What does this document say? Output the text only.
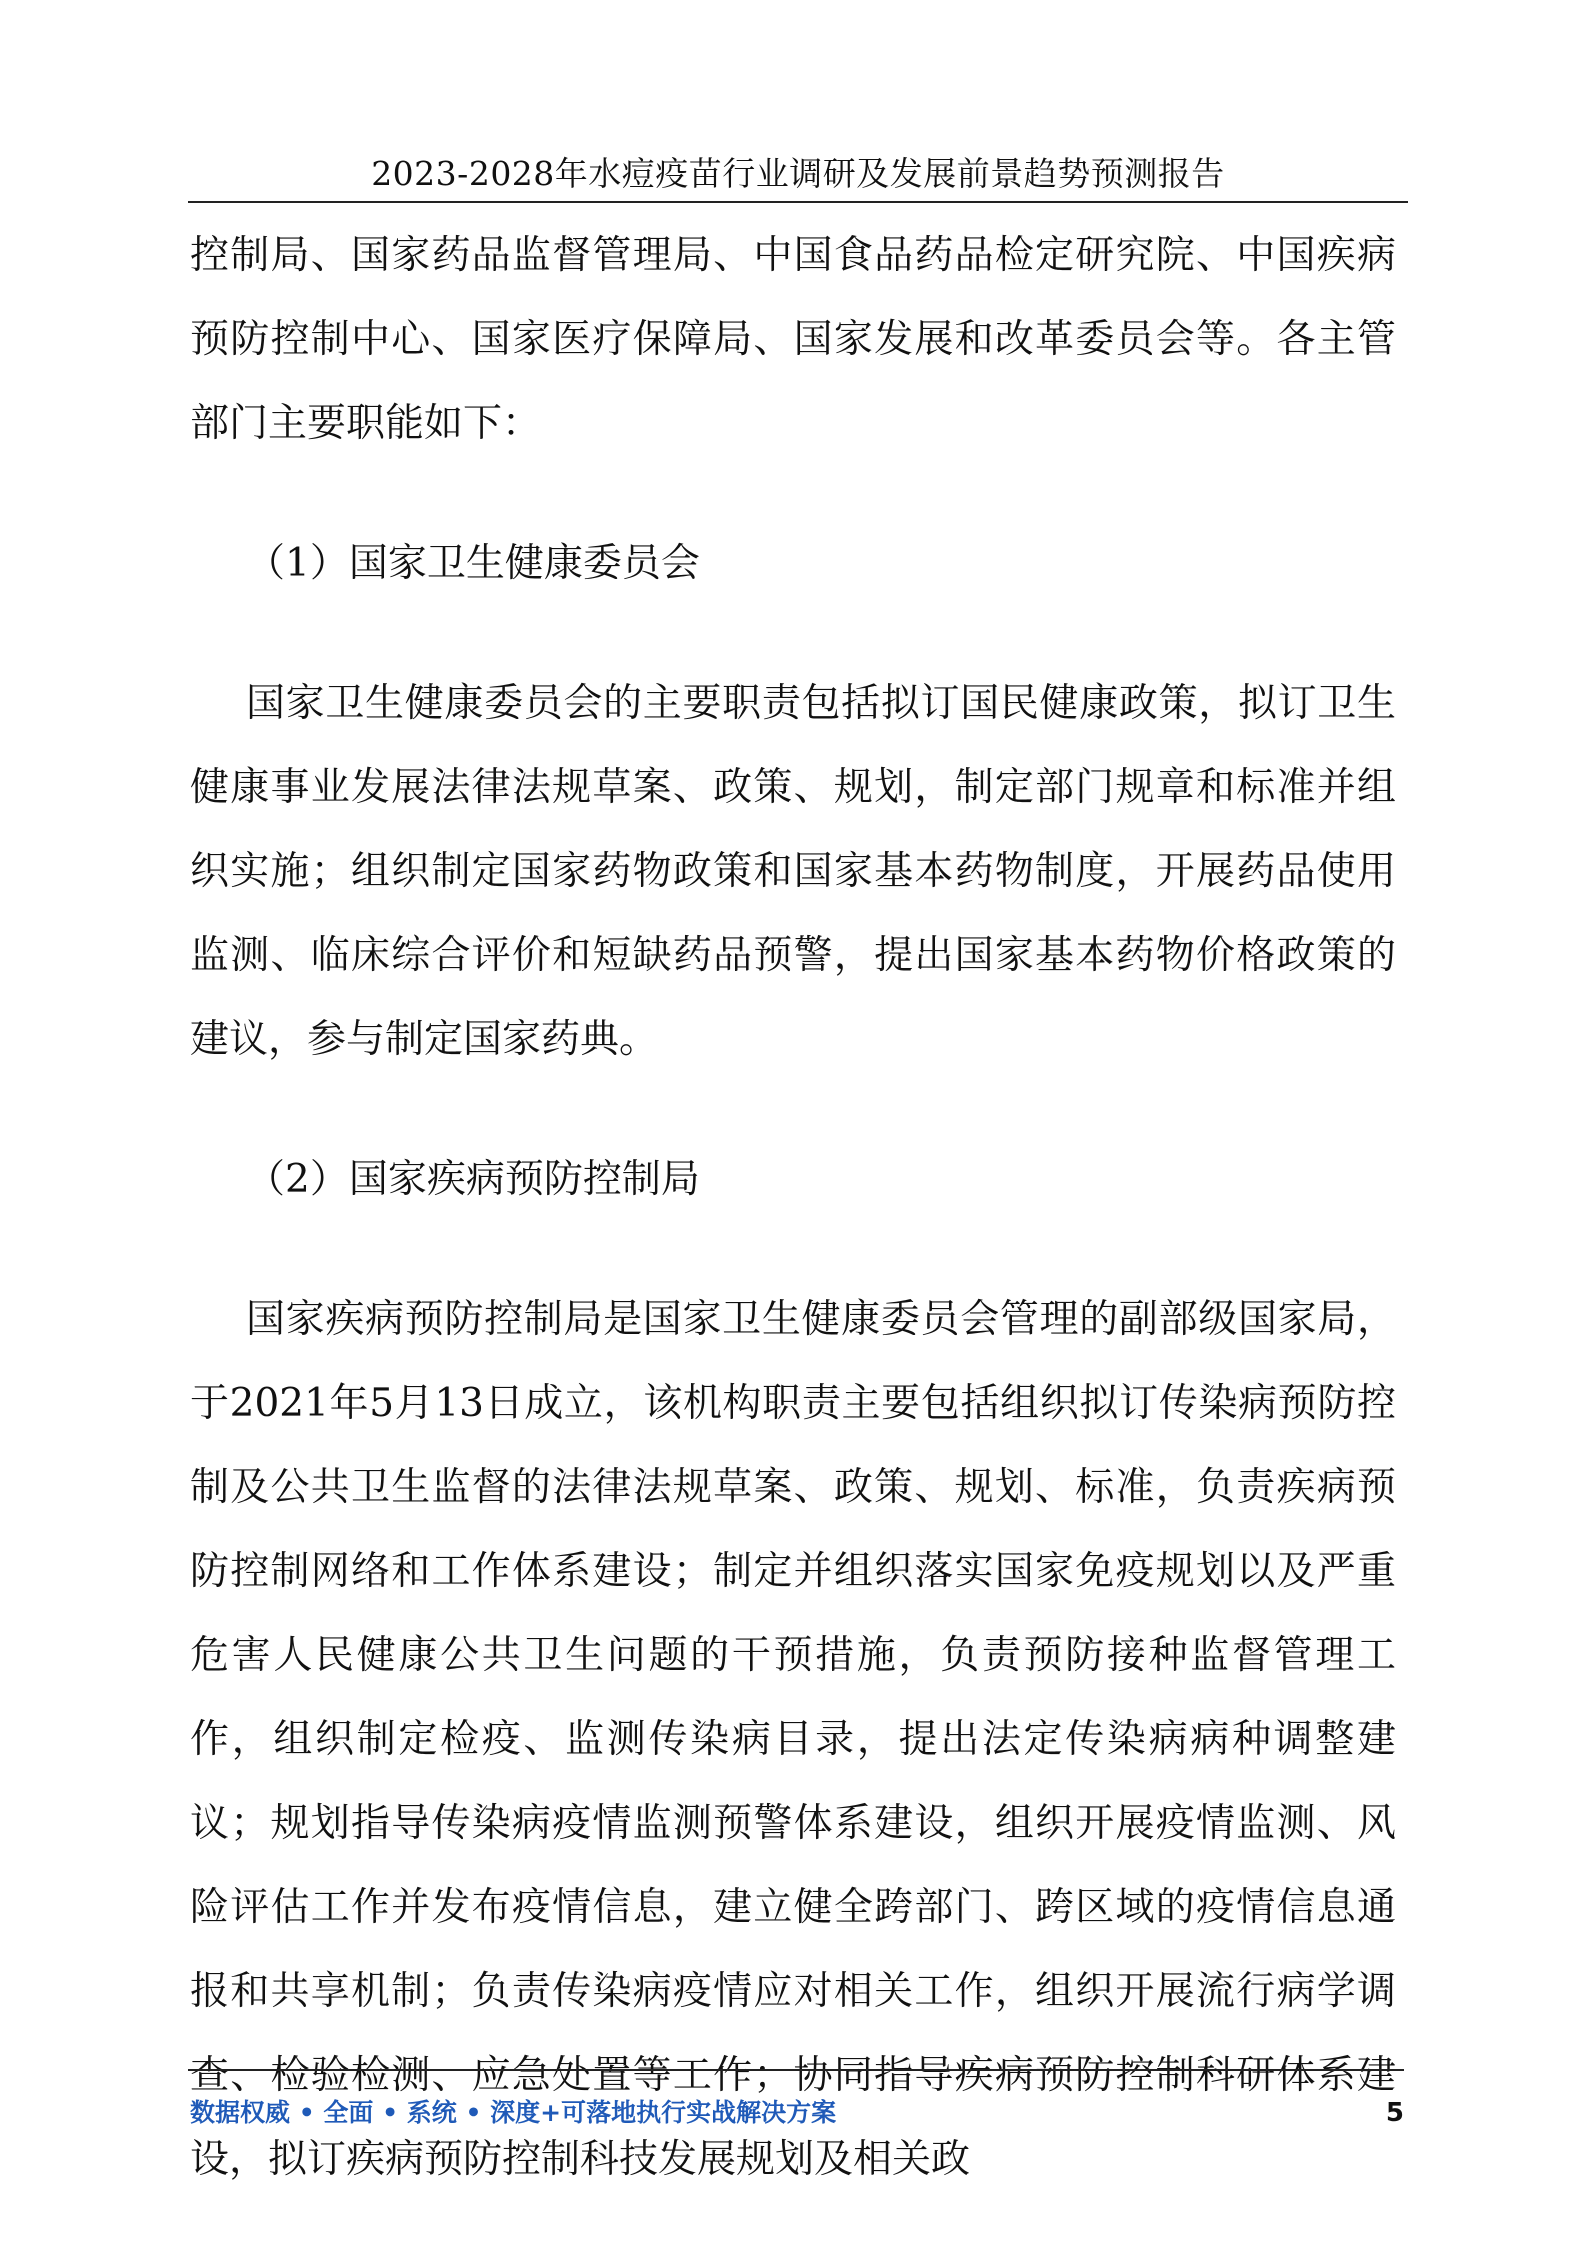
2023-2028年水痘疫苗行业调研及发展前景趋势预测报告

控制局、国家药品监督管理局、中国食品药品检定研究院、中国疾病预防控制中心、国家医疗保障局、国家发展和改革委员会等。各主管部门主要职能如下：

（1）国家卫生健康委员会

国家卫生健康委员会的主要职责包括拟订国民健康政策，拟订卫生健康事业发展法律法规草案、政策、规划，制定部门规章和标准并组织实施；组织制定国家药物政策和国家基本药物制度，开展药品使用监测、临床综合评价和短缺药品预警，提出国家基本药物价格政策的建议，参与制定国家药典。

（2）国家疾病预防控制局

国家疾病预防控制局是国家卫生健康委员会管理的副部级国家局，于2021年5月13日成立，该机构职责主要包括组织拟订传染病预防控制及公共卫生监督的法律法规草案、政策、规划、标准，负责疾病预防控制网络和工作体系建设；制定并组织落实国家免疫规划以及严重危害人民健康公共卫生问题的干预措施，负责预防接种监督管理工作，组织制定检疫、监测传染病目录，提出法定传染病病种调整建议；规划指导传染病疫情监测预警体系建设，组织开展疫情监测、风险评估工作并发布疫情信息，建立健全跨部门、跨区域的疫情信息通报和共享机制；负责传染病疫情应对相关工作，组织开展流行病学调查、检验检测、应急处置等工作；协同指导疾病预防控制科研体系建设，拟订疾病预防控制科技发展规划及相关政

数据权威 • 全面 • 系统 • 深度+可落地执行实战解决方案	5
